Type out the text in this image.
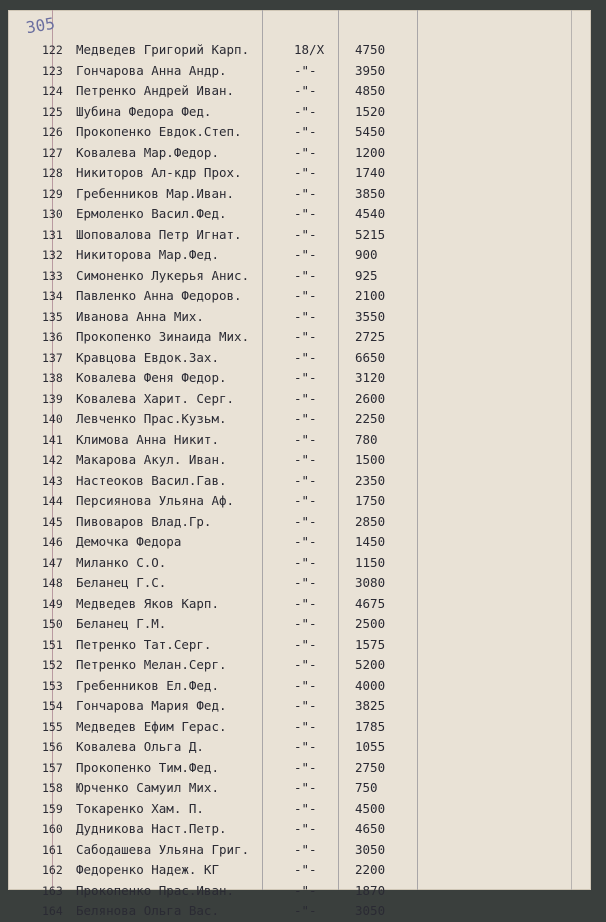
305
122	Медведев Григорий Карп.	18/X	4750
123	Гончарова Анна Андр.	-"-	3950
124	Петренко Андрей Иван.	-"-	4850
125	Шубина Федора Фед.	-"-	1520
126	Прокопенко Евдок.Степ.	-"-	5450
127	Ковалева Мар.Федор.	-"-	1200
128	Никиторов Ал-кдр Прох.	-"-	1740
129	Гребенников Мар.Иван.	-"-	3850
130	Ермоленко Васил.Фед.	-"-	4540
131	Шоповалова Петр Игнат.	-"-	5215
132	Никиторова Мар.Фед.	-"-	900
133	Симоненко Лукерья Анис.	-"-	925
134	Павленко Анна Федоров.	-"-	2100
135	Иванова Анна Мих.	-"-	3550
136	Прокопенко Зинаида Мих.	-"-	2725
137	Кравцова Евдок.Зах.	-"-	6650
138	Ковалева Феня Федор.	-"-	3120
139	Ковалева Харит. Серг.	-"-	2600
140	Левченко Прас.Кузьм.	-"-	2250
141	Климова Анна Никит.	-"-	780
142	Макарова Акул. Иван.	-"-	1500
143	Настеоков Васил.Гав.	-"-	2350
144	Персиянова Ульяна Аф.	-"-	1750
145	Пивоваров Влад.Гр.	-"-	2850
146	Демочка Федора	-"-	1450
147	Миланко С.О.	-"-	1150
148	Беланец Г.С.	-"-	3080
149	Медведев Яков Карп.	-"-	4675
150	Беланец Г.М.	-"-	2500
151	Петренко Тат.Серг.	-"-	1575
152	Петренко Мелан.Серг.	-"-	5200
153	Гребенников Ел.Фед.	-"-	4000
154	Гончарова Мария Фед.	-"-	3825
155	Медведев Ефим Герас.	-"-	1785
156	Ковалева Ольга Д.	-"-	1055
157	Прокопенко Тим.Фед.	-"-	2750
158	Юрченко Самуил Мих.	-"-	750
159	Токаренко Хам. П.	-"-	4500
160	Дудникова Наст.Петр.	-"-	4650
161	Сабодашева Ульяна Григ.	-"-	3050
162	Федоренко Надеж. КГ	-"-	2200
163	Прокопенко Прас.Иван.	-"-	1870
164	Белянова Ольга Вас.	-"-	3050
